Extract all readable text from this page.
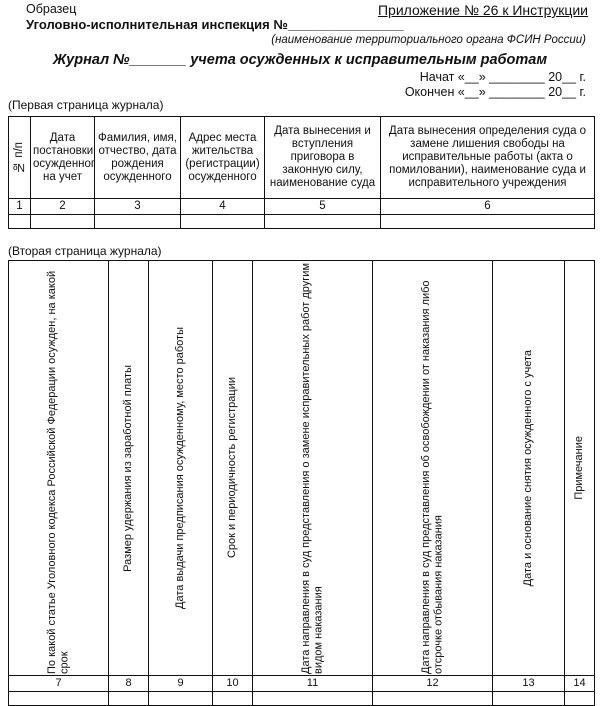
Образец
Уголовно-исполнительная инспекция №________________
Приложение № 26 к Инструкции
(наименование территориального органа ФСИН России)
Журнал №_______ учета осужденных к исправительным работам
Начат «__» ________ 20__ г.
Окончен «__» ________ 20__ г.
(Первая страница журнала)
№ п/п
	Дата постановки осужденного на учет	Фамилия, имя, отчество, дата рождения осужденного	Адрес места жительства (регистрации) осужденного	Дата вынесения и вступления приговора в законную силу, наименование суда	Дата вынесения определения суда о замене лишения свободы на исправительные работы (акта о помиловании), наименование суда и исправительного учреждения
1	2	3	4	5	6

(Вторая страница журнала)
По какой статье Уголовного кодекса Российской Федерации осужден, на какой срок	Размер удержания из заработной платы	Дата выдачи предписания осужденному, место работы	Срок и периодичность регистрации	Дата направления в суд представления о замене исправительных работ другим видом наказания	Дата направления в суд представления об освобождении от наказания либо отсрочке отбывания наказания	Дата и основание снятия осужденного с учета	Примечание
